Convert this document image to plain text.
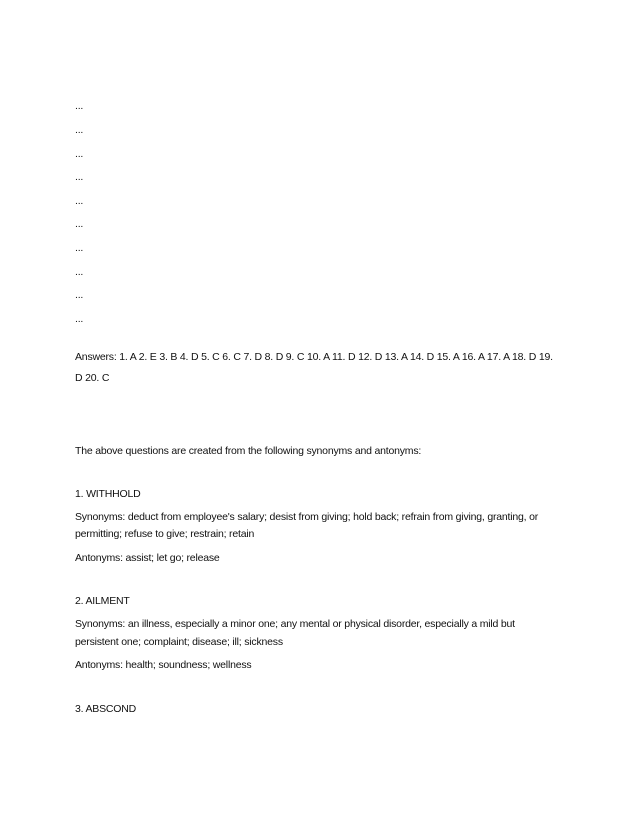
...
...
...
...
...
...
...
...
...
...
Answers: 1. A 2. E 3. B 4. D 5. C 6. C 7. D 8. D 9. C 10. A 11. D 12. D 13. A 14. D 15. A 16. A 17. A 18. D 19.
D 20. C
The above questions are created from the following synonyms and antonyms:
1. WITHHOLD
Synonyms: deduct from employee's salary; desist from giving; hold back; refrain from giving, granting, or
permitting; refuse to give; restrain; retain
Antonyms: assist; let go; release
2. AILMENT
Synonyms: an illness, especially a minor one; any mental or physical disorder, especially a mild but
persistent one; complaint; disease; ill; sickness
Antonyms: health; soundness; wellness
3. ABSCOND
